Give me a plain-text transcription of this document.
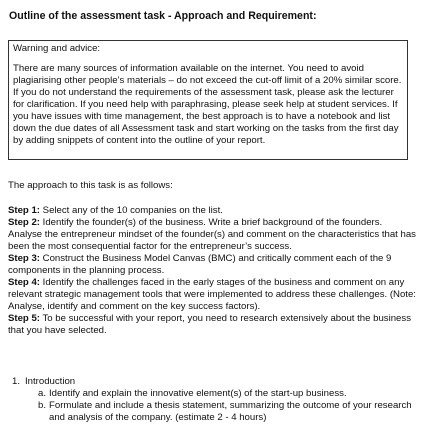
Outline of the assessment task - Approach and Requirement:
Warning and advice:
There are many sources of information available on the internet. You need to avoid plagiarising other people’s materials – do not exceed the cut-off limit of a 20% similar score. If you do not understand the requirements of the assessment task, please ask the lecturer for clarification. If you need help with paraphrasing, please seek help at student services. If you have issues with time management, the best approach is to have a notebook and list down the due dates of all Assessment task and start working on the tasks from the first day by adding snippets of content into the outline of your report.
The approach to this task is as follows:

Step 1: Select any of the 10 companies on the list.

Step 2: Identify the founder(s) of the business. Write a brief background of the founders. Analyse the entrepreneur mindset of the founder(s) and comment on the characteristics that has been the most consequential factor for the entrepreneur’s success.

Step 3: Construct the Business Model Canvas (BMC) and critically comment each of the 9 components in the planning process.

Step 4: Identify the challenges faced in the early stages of the business and comment on any relevant strategic management tools that were implemented to address these challenges. (Note: Analyse, identify and comment on the key success factors).

Step 5: To be successful with your report, you need to research extensively about the business that you have selected.

1. Introduction
a. Identify and explain the innovative element(s) of the start-up business.
b. Formulate and include a thesis statement, summarizing the outcome of your research and analysis of the company. (estimate 2 - 4 hours)
